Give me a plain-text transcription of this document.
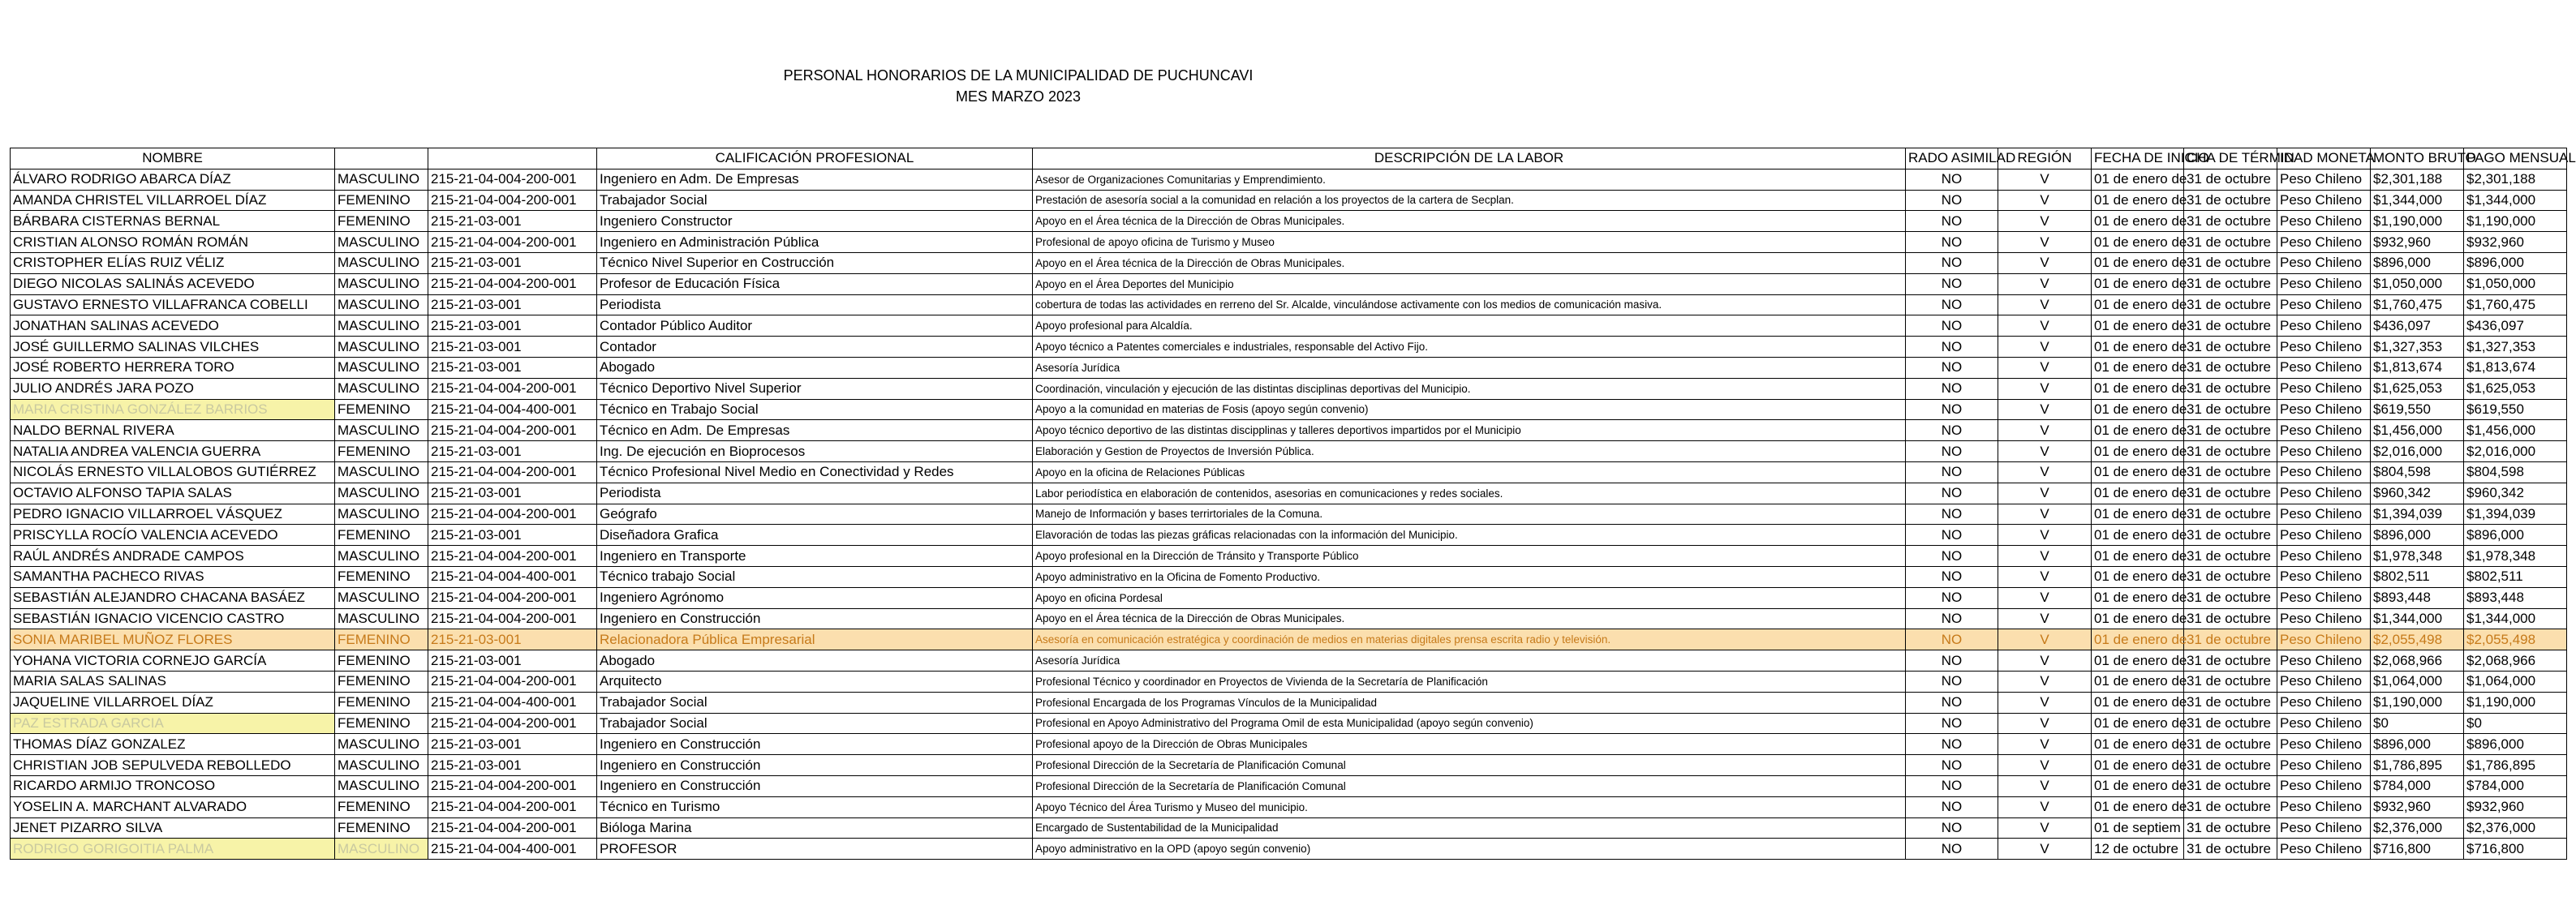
PERSONAL HONORARIOS DE LA MUNICIPALIDAD DE PUCHUNCAVI
MES MARZO 2023
NOMBRE			CALIFICACIÓN PROFESIONAL	DESCRIPCIÓN DE LA LABOR	RADO ASIMILAD	REGIÓN	FECHA DE INICIO	CHA DE TÉRMIN	IDAD MONETA	MONTO BRUTO	PAGO MENSUAL
ÁLVARO RODRIGO ABARCA DÍAZ	MASCULINO	215-21-04-004-200-001	Ingeniero en Adm. De Empresas	Asesor de Organizaciones Comunitarias y Emprendimiento.	NO	V	01 de enero de	31 de octubre	Peso Chileno	$2,301,188	$2,301,188
AMANDA CHRISTEL VILLARROEL DÍAZ	FEMENINO	215-21-04-004-200-001	Trabajador Social	Prestación de asesoría social a la comunidad en relación a los proyectos de la cartera de Secplan.	NO	V	01 de enero de	31 de octubre	Peso Chileno	$1,344,000	$1,344,000
BÁRBARA CISTERNAS BERNAL	FEMENINO	215-21-03-001	Ingeniero Constructor	Apoyo en el Área técnica de la Dirección de Obras Municipales.	NO	V	01 de enero de	31 de octubre	Peso Chileno	$1,190,000	$1,190,000
CRISTIAN ALONSO ROMÁN ROMÁN	MASCULINO	215-21-04-004-200-001	Ingeniero en Administración Pública	Profesional de apoyo oficina de Turismo y Museo	NO	V	01 de enero de	31 de octubre	Peso Chileno	$932,960	$932,960
CRISTOPHER ELÍAS RUIZ VÉLIZ	MASCULINO	215-21-03-001	Técnico Nivel Superior en Costrucción	Apoyo en el Área técnica de la Dirección de Obras Municipales.	NO	V	01 de enero de	31 de octubre	Peso Chileno	$896,000	$896,000
DIEGO NICOLAS SALINÁS ACEVEDO	MASCULINO	215-21-04-004-200-001	Profesor de Educación Física	Apoyo en el Área Deportes del Municipio	NO	V	01 de enero de	31 de octubre	Peso Chileno	$1,050,000	$1,050,000
GUSTAVO ERNESTO VILLAFRANCA COBELLI	MASCULINO	215-21-03-001	Periodista	cobertura de todas las actividades en rerreno del Sr. Alcalde, vinculándose activamente con los medios de comunicación masiva.	NO	V	01 de enero de	31 de octubre	Peso Chileno	$1,760,475	$1,760,475
JONATHAN SALINAS ACEVEDO	MASCULINO	215-21-03-001	Contador Público Auditor	Apoyo profesional para Alcaldía.	NO	V	01 de enero de	31 de octubre	Peso Chileno	$436,097	$436,097
JOSÉ GUILLERMO SALINAS VILCHES	MASCULINO	215-21-03-001	Contador	Apoyo técnico a Patentes comerciales e industriales, responsable del Activo Fijo.	NO	V	01 de enero de	31 de octubre	Peso Chileno	$1,327,353	$1,327,353
JOSÉ ROBERTO HERRERA TORO	MASCULINO	215-21-03-001	Abogado	Asesoría Jurídica	NO	V	01 de enero de	31 de octubre	Peso Chileno	$1,813,674	$1,813,674
JULIO ANDRÉS JARA POZO	MASCULINO	215-21-04-004-200-001	Técnico Deportivo Nivel Superior	Coordinación, vinculación y ejecución de las distintas disciplinas deportivas del Municipio.	NO	V	01 de enero de	31 de octubre	Peso Chileno	$1,625,053	$1,625,053
MARIA CRISTINA GONZÁLEZ BARRIOS	FEMENINO	215-21-04-004-400-001	Técnico en Trabajo Social	Apoyo a la comunidad en materias de Fosis (apoyo según convenio)	NO	V	01 de enero de	31 de octubre	Peso Chileno	$619,550	$619,550
NALDO BERNAL RIVERA	MASCULINO	215-21-04-004-200-001	Técnico en Adm. De Empresas	Apoyo técnico deportivo de las distintas discipplinas y talleres deportivos impartidos por el Municipio	NO	V	01 de enero de	31 de octubre	Peso Chileno	$1,456,000	$1,456,000
NATALIA ANDREA VALENCIA GUERRA	FEMENINO	215-21-03-001	Ing. De ejecución en Bioprocesos	Elaboración y Gestion de Proyectos de Inversión Pública.	NO	V	01 de enero de	31 de octubre	Peso Chileno	$2,016,000	$2,016,000
NICOLÁS ERNESTO VILLALOBOS GUTIÉRREZ	MASCULINO	215-21-04-004-200-001	Técnico Profesional Nivel Medio en Conectividad y Redes	Apoyo en la oficina de Relaciones Públicas	NO	V	01 de enero de	31 de octubre	Peso Chileno	$804,598	$804,598
OCTAVIO ALFONSO TAPIA SALAS	MASCULINO	215-21-03-001	Periodista	Labor periodística en elaboración de contenidos, asesorias en comunicaciones y redes sociales.	NO	V	01 de enero de	31 de octubre	Peso Chileno	$960,342	$960,342
PEDRO IGNACIO VILLARROEL VÁSQUEZ	MASCULINO	215-21-04-004-200-001	Geógrafo	Manejo de Información y bases terrirtoriales de la Comuna.	NO	V	01 de enero de	31 de octubre	Peso Chileno	$1,394,039	$1,394,039
PRISCYLLA ROCÍO VALENCIA ACEVEDO	FEMENINO	215-21-03-001	Diseñadora Grafica	Elavoración de todas las piezas gráficas relacionadas con la información del Municipio.	NO	V	01 de enero de	31 de octubre	Peso Chileno	$896,000	$896,000
RAÚL ANDRÉS ANDRADE CAMPOS	MASCULINO	215-21-04-004-200-001	Ingeniero en Transporte	Apoyo profesional en la Dirección de Tránsito y Transporte Público	NO	V	01 de enero de	31 de octubre	Peso Chileno	$1,978,348	$1,978,348
SAMANTHA PACHECO RIVAS	FEMENINO	215-21-04-004-400-001	Técnico trabajo Social	Apoyo administrativo en la Oficina de Fomento Productivo.	NO	V	01 de enero de	31 de octubre	Peso Chileno	$802,511	$802,511
SEBASTIÁN ALEJANDRO CHACANA BASÁEZ	MASCULINO	215-21-04-004-200-001	Ingeniero Agrónomo	Apoyo en oficina Pordesal	NO	V	01 de enero de	31 de octubre	Peso Chileno	$893,448	$893,448
SEBASTIÁN IGNACIO VICENCIO CASTRO	MASCULINO	215-21-04-004-200-001	Ingeniero en Construcción	Apoyo en el Área técnica de la Dirección de Obras Municipales.	NO	V	01 de enero de	31 de octubre	Peso Chileno	$1,344,000	$1,344,000
SONIA MARIBEL MUÑOZ FLORES	FEMENINO	215-21-03-001	Relacionadora Pública Empresarial	Asesoría en comunicación estratégica y coordinación de medios en materias digitales prensa escrita radio y televisión.	NO	V	01 de enero de	31 de octubre	Peso Chileno	$2,055,498	$2,055,498
YOHANA VICTORIA CORNEJO GARCÍA	FEMENINO	215-21-03-001	Abogado	Asesoría Jurídica	NO	V	01 de enero de	31 de octubre	Peso Chileno	$2,068,966	$2,068,966
MARIA SALAS SALINAS	FEMENINO	215-21-04-004-200-001	Arquitecto	Profesional Técnico y coordinador en Proyectos de Vivienda de la Secretaría de Planificación	NO	V	01 de enero de	31 de octubre	Peso Chileno	$1,064,000	$1,064,000
JAQUELINE VILLARROEL DÍAZ	FEMENINO	215-21-04-004-400-001	Trabajador Social	Profesional Encargada de los Programas Vínculos de la Municipalidad	NO	V	01 de enero de	31 de octubre	Peso Chileno	$1,190,000	$1,190,000
PAZ ESTRADA GARCIA	FEMENINO	215-21-04-004-200-001	Trabajador Social	Profesional en Apoyo Administrativo del Programa Omil de esta Municipalidad (apoyo según convenio)	NO	V	01 de enero de	31 de octubre	Peso Chileno	$0	$0
THOMAS DÍAZ GONZALEZ	MASCULINO	215-21-03-001	Ingeniero en Construcción	Profesional apoyo de la Dirección de Obras Municipales	NO	V	01 de enero de	31 de octubre	Peso Chileno	$896,000	$896,000
CHRISTIAN JOB SEPULVEDA REBOLLEDO	MASCULINO	215-21-03-001	Ingeniero en Construcción	Profesional Dirección de la Secretaría de Planificación Comunal	NO	V	01 de enero de	31 de octubre	Peso Chileno	$1,786,895	$1,786,895
RICARDO ARMIJO TRONCOSO	MASCULINO	215-21-04-004-200-001	Ingeniero en Construcción	Profesional Dirección de la Secretaría de Planificación Comunal	NO	V	01 de enero de	31 de octubre	Peso Chileno	$784,000	$784,000
YOSELIN A. MARCHANT ALVARADO	FEMENINO	215-21-04-004-200-001	Técnico en Turismo	Apoyo Técnico del Área Turismo y Museo del municipio.	NO	V	01 de enero de	31 de octubre	Peso Chileno	$932,960	$932,960
JENET PIZARRO SILVA	FEMENINO	215-21-04-004-200-001	Bióloga Marina	Encargado de Sustentabilidad de la Municipalidad	NO	V	01 de septiem	31 de octubre	Peso Chileno	$2,376,000	$2,376,000
RODRIGO GORIGOITIA PALMA	MASCULINO	215-21-04-004-400-001	PROFESOR	Apoyo administrativo en la OPD (apoyo según convenio)	NO	V	12 de octubre	31 de octubre	Peso Chileno	$716,800	$716,800
